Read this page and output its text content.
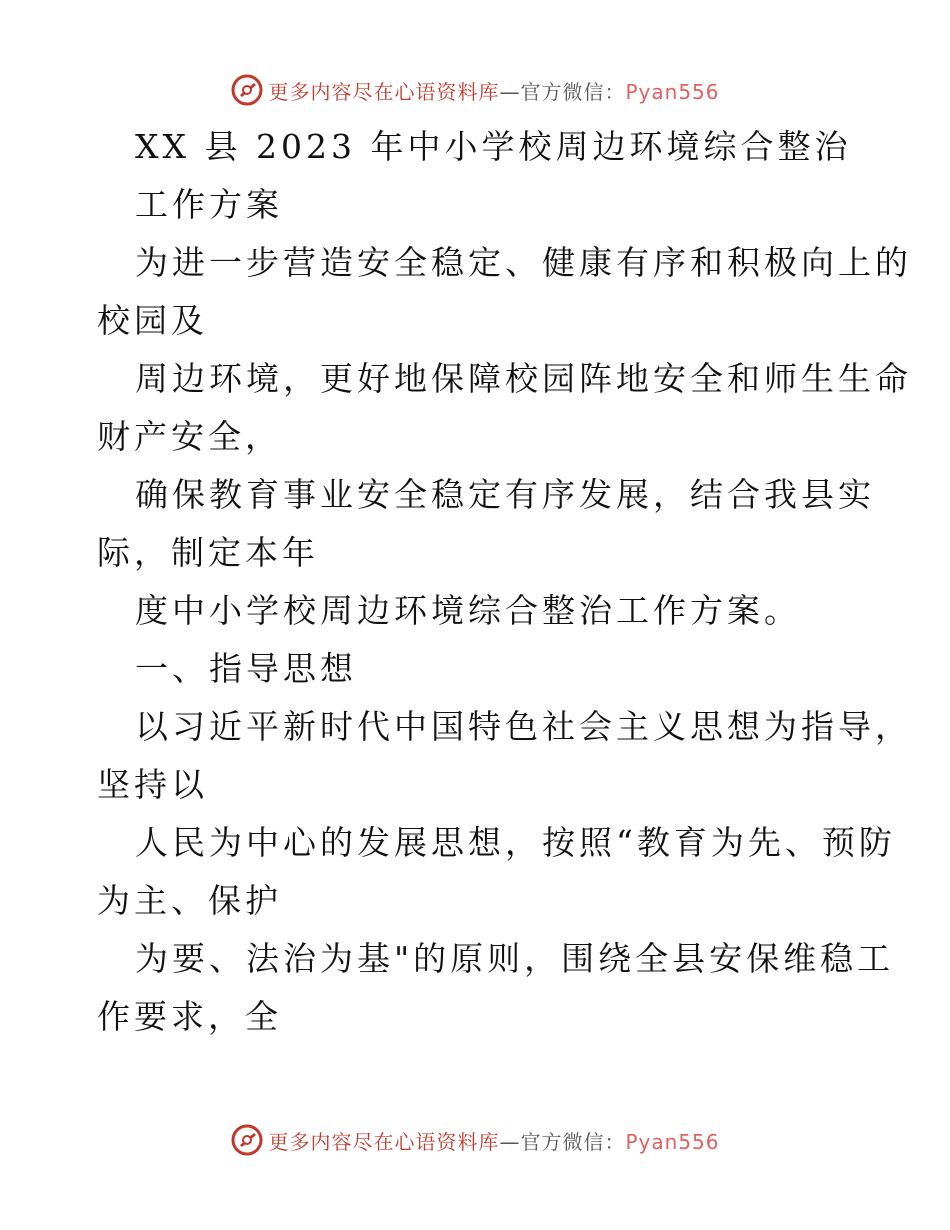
更多内容尽在心语资料库—官方微信：Pyan556
XX 县 2023 年中小学校周边环境综合整治
工作方案
为进一步营造安全稳定、健康有序和积极向上的
校园及
周边环境，更好地保障校园阵地安全和师生生命
财产安全，
确保教育事业安全稳定有序发展，结合我县实
际，制定本年
度中小学校周边环境综合整治工作方案。
一、指导思想
以习近平新时代中国特色社会主义思想为指导，
坚持以
人民为中心的发展思想，按照“教育为先、预防
为主、保护
为要、法治为基"的原则，围绕全县安保维稳工
作要求，全
更多内容尽在心语资料库—官方微信：Pyan556
